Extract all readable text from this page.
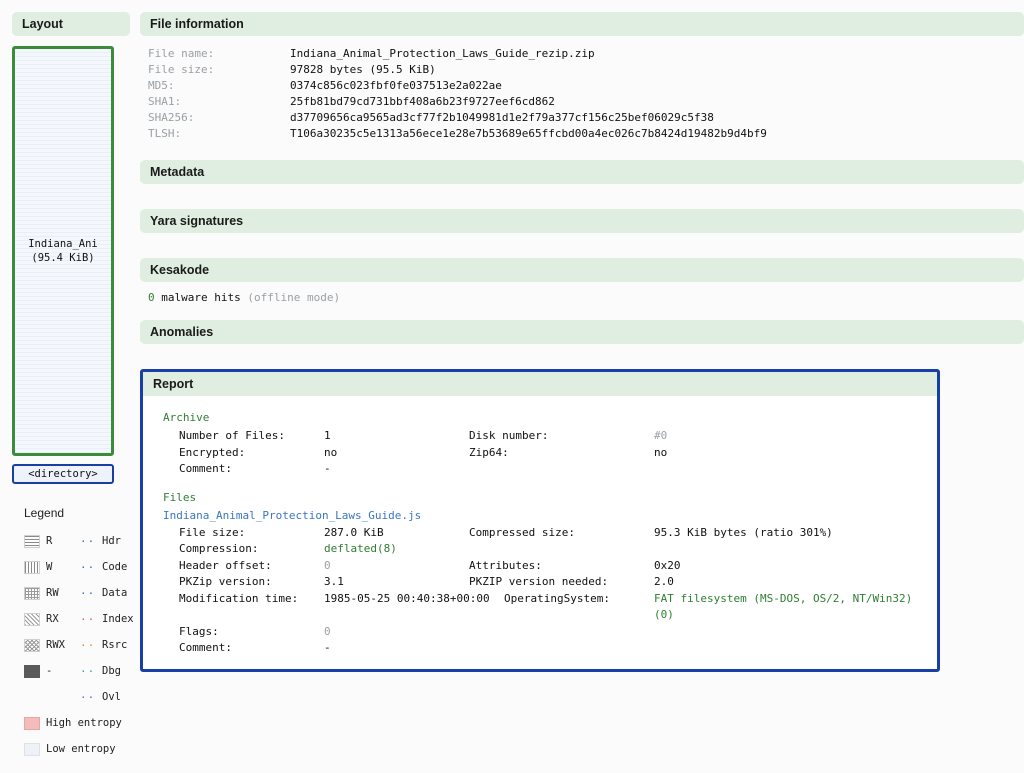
Layout
Indiana_Ani
(95.4 KiB)
<directory>
Legend
R	·· Hdr
W	·· Code
RW ·· Data
RX ·· Index
RWX ·· Rsrc
-	·· Dbg
·· Ovl
High entropy
Low entropy
File information
File name:	Indiana_Animal_Protection_Laws_Guide_rezip.zip
File size:	97828 bytes (95.5 KiB)
MD5:	0374c856c023fbf0fe037513e2a022ae
SHA1:	25fb81bd79cd731bbf408a6b23f9727eef6cd862
SHA256:	d37709656ca9565ad3cf77f2b1049981d1e2f79a377cf156c25bef06029c5f38
TLSH:	T106a30235c5e1313a56ece1e28e7b53689e65ffcbd00a4ec026c7b8424d19482b9d4bf9
Metadata
Yara signatures
Kesakode
0 malware hits (offline mode)
Anomalies
Report
Archive
Number of Files:	1	Disk number:	#0
Encrypted:	no	Zip64:	no
Comment:	-
Files
Indiana_Animal_Protection_Laws_Guide.js
File size:	287.0 KiB	Compressed size:	95.3 KiB bytes (ratio 301%)
Compression:	deflated(8)
Header offset:	0	Attributes:	0x20
PKZip version:	3.1	PKZIP version needed:	2.0
Modification time:	1985-05-25 00:40:38+00:00	OperatingSystem:	FAT filesystem (MS-DOS, OS/2, NT/Win32)(0)
Flags:	0
Comment:	-
